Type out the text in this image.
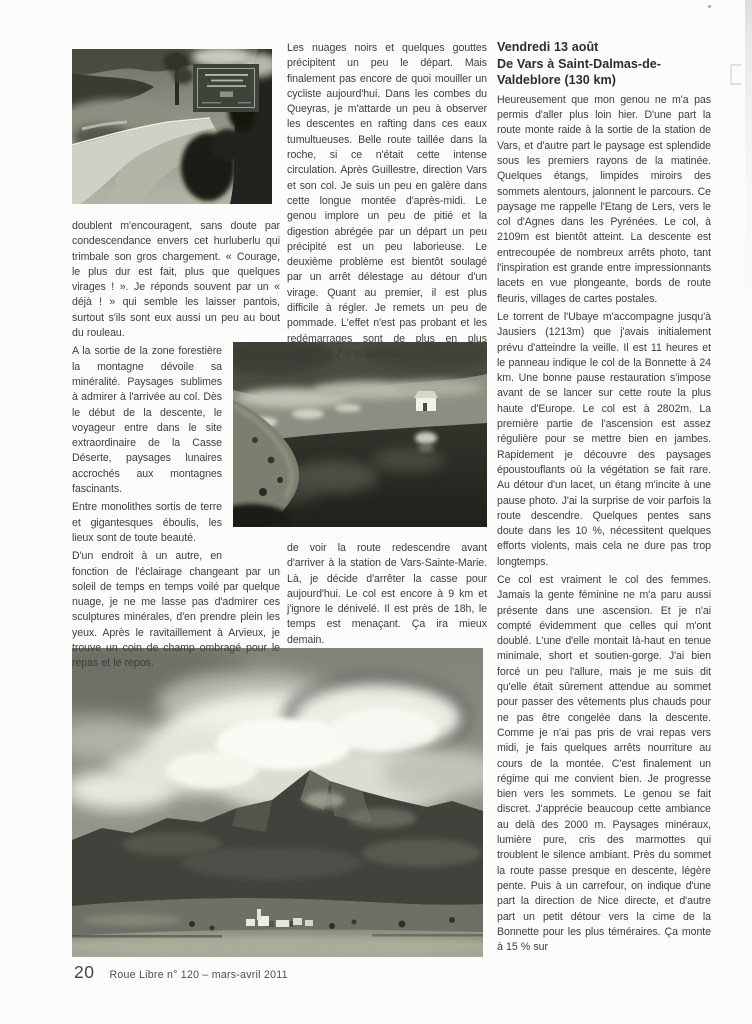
doublent m'encouragent, sans doute par condescendance envers cet hurluberlu qui trimbale son gros chargement. « Courage, le plus dur est fait, plus que quelques virages ! ». Je réponds souvent par un « déjà ! » qui semble les laisser pantois, surtout s'ils sont eux aussi un peu au bout du rouleau.

A la sortie de la zone forestière la montagne dévoile sa minéralité. Paysages sublimes à admirer à l'arrivée au col. Dès le début de la descente, le voyageur entre dans le site extraordinaire de la Casse Déserte, paysages lunaires accrochés aux montagnes fascinants.

Entre monolithes sortis de terre et gigantesques éboulis, les lieux sont de toute beauté.

D'un endroit à un autre, en fonction de l'éclairage changeant par un soleil de temps en temps voilé par quelque nuage, je ne me lasse pas d'admirer ces sculptures minérales, d'en prendre plein les yeux. Après le ravitaillement à Arvieux, je trouve un coin de champ ombragé pour le repas et le repos.

Les nuages noirs et quelques gouttes précipitent un peu le départ. Mais finalement pas encore de quoi mouiller un cycliste aujourd'hui. Dans les combes du Queyras, je m'attarde un peu à observer les descentes en rafting dans ces eaux tumultueuses. Belle route taillée dans la roche, si ce n'était cette intense circulation. Après Guillestre, direction Vars et son col. Je suis un peu en galère dans cette longue montée d'après-midi. Le genou implore un peu de pitié et la digestion abrégée par un départ un peu précipité est un peu laborieuse. Le deuxième problème est bientôt soulagé par un arrêt délestage au détour d'un virage. Quant au premier, il est plus difficile à régler. Je remets un peu de pommade. L'effet n'est pas probant et les redémarrages sont de plus en plus laborieux. J'ai la surprise

de voir la route redescendre avant d'arriver à la station de Vars-Sainte-Marie. Là, je décide d'arrêter la casse pour aujourd'hui. Le col est encore à 9 km et j'ignore le dénivelé. Il est près de 18h, le temps est menaçant. Ça ira mieux demain.

Vendredi 13 août
De Vars à Saint-Dalmas-de-
Valdeblore (130 km)

Heureusement que mon genou ne m'a pas permis d'aller plus loin hier. D'une part la route monte raide à la sortie de la station de Vars, et d'autre part le paysage est splendide sous les premiers rayons de la matinée. Quelques étangs, limpides miroirs des sommets alentours, jalonnent le parcours. Ce paysage me rappelle l'Etang de Lers, vers le col d'Agnes dans les Pyrénées. Le col, à 2109m est bientôt atteint. La descente est entrecoupée de nombreux arrêts photo, tant l'inspiration est grande entre impressionnants lacets en vue plongeante, bords de route fleuris, villages de cartes postales.

Le torrent de l'Ubaye m'accompagne jusqu'à Jausiers (1213m) que j'avais initialement prévu d'atteindre la veille. Il est 11 heures et le panneau indique le col de la Bonnette à 24 km. Une bonne pause restauration s'impose avant de se lancer sur cette route la plus haute d'Europe. Le col est à 2802m. La première partie de l'ascension est assez régulière pour se mettre bien en jambes. Rapidement je découvre des paysages époustouflants où la végétation se fait rare. Au détour d'un lacet, un étang m'incite à une pause photo. J'ai la surprise de voir parfois la route descendre. Quelques pentes sans doute dans les 10 %, nécessitent quelques efforts violents, mais cela ne dure pas trop longtemps.

Ce col est vraiment le col des femmes. Jamais la gente féminine ne m'a paru aussi présente dans une ascension. Et je n'ai compté évidemment que celles qui m'ont doublé. L'une d'elle montait là-haut en tenue minimale, short et soutien-gorge. J'ai bien forcé un peu l'allure, mais je me suis dit qu'elle était sûrement attendue au sommet pour passer des vêtements plus chauds pour ne pas être congelée dans la descente. Comme je n'ai pas pris de vrai repas vers midi, je fais quelques arrêts nourriture au cours de la montée. C'est finalement un régime qui me convient bien. Je progresse bien vers les sommets. Le genou se fait discret. J'apprécie beaucoup cette ambiance au delà des 2000 m. Paysages minéraux, lumière pure, cris des marmottes qui troublent le silence ambiant. Près du sommet la route passe presque en descente, légère pente. Puis à un carrefour, on indique d'une part la direction de Nice directe, et d'autre part un petit détour vers la cime de la Bonnette pour les plus téméraires. Ça monte à 15 % sur

20 Roue Libre n° 120 – mars-avril 2011
